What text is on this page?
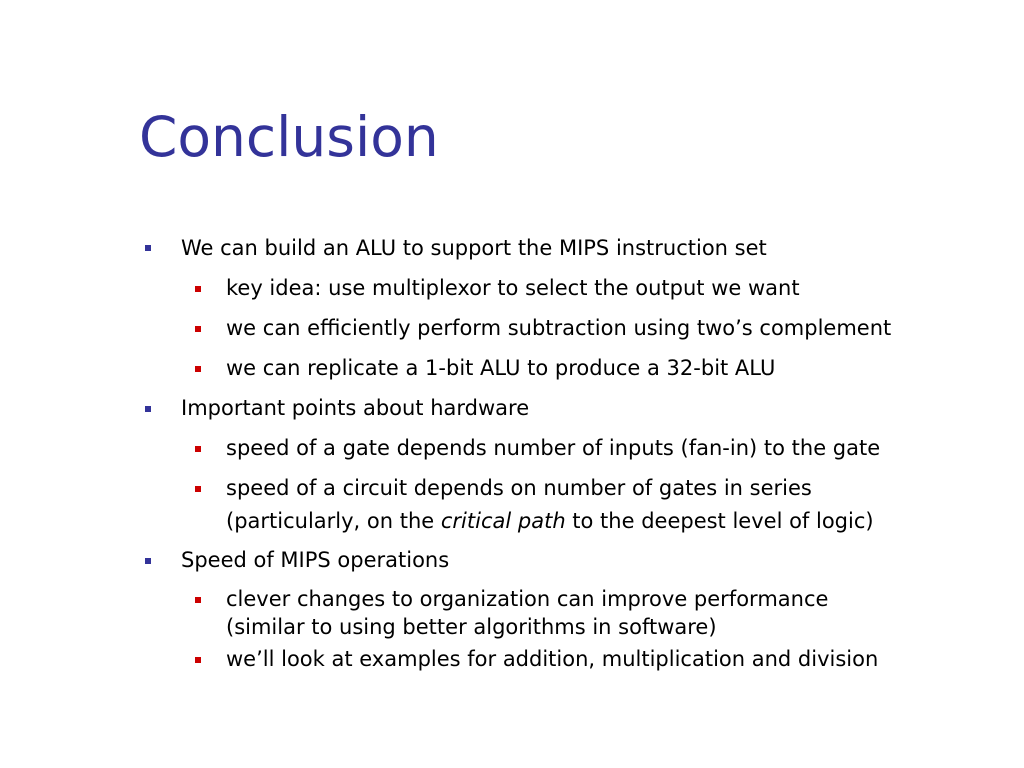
Conclusion
We can build an ALU to support the MIPS instruction set
key idea: use multiplexor to select the output we want
we can efficiently perform subtraction using two’s complement
we can replicate a 1-bit ALU to produce a 32-bit ALU
Important points about hardware
speed of a gate depends number of inputs (fan-in) to the gate
speed of a circuit depends on number of gates in series
(particularly, on the critical path to the deepest level of logic)
Speed of MIPS operations
clever changes to organization can improve performance
(similar to using better algorithms in software)
we’ll look at examples for addition, multiplication and division
